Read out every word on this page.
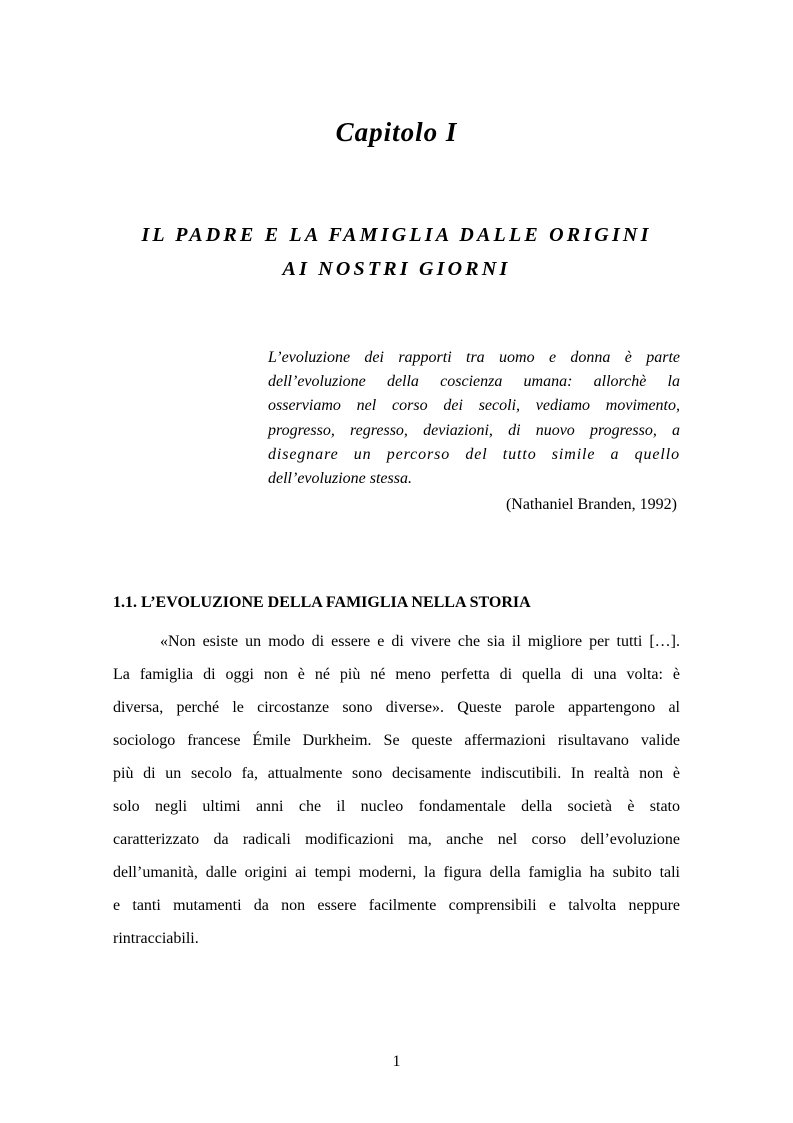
Capitolo I
IL PADRE E LA FAMIGLIA DALLE ORIGINI
AI NOSTRI GIORNI
L’evoluzione dei rapporti tra uomo e donna è parte
dell’evoluzione della coscienza umana: allorchè la
osserviamo nel corso dei secoli, vediamo movimento,
progresso, regresso, deviazioni, di nuovo progresso, a
disegnare un percorso del tutto simile a quello
dell’evoluzione stessa.

(Nathaniel Branden, 1992)

1.1. L’EVOLUZIONE DELLA FAMIGLIA NELLA STORIA

«Non esiste un modo di essere e di vivere che sia il migliore per tutti […].
La famiglia di oggi non è né più né meno perfetta di quella di una volta: è
diversa, perché le circostanze sono diverse». Queste parole appartengono al
sociologo francese Émile Durkheim. Se queste affermazioni risultavano valide
più di un secolo fa, attualmente sono decisamente indiscutibili. In realtà non è
solo negli ultimi anni che il nucleo fondamentale della società è stato
caratterizzato da radicali modificazioni ma, anche nel corso dell’evoluzione
dell’umanità, dalle origini ai tempi moderni, la figura della famiglia ha subito tali
e tanti mutamenti da non essere facilmente comprensibili e talvolta neppure
rintracciabili.

1
